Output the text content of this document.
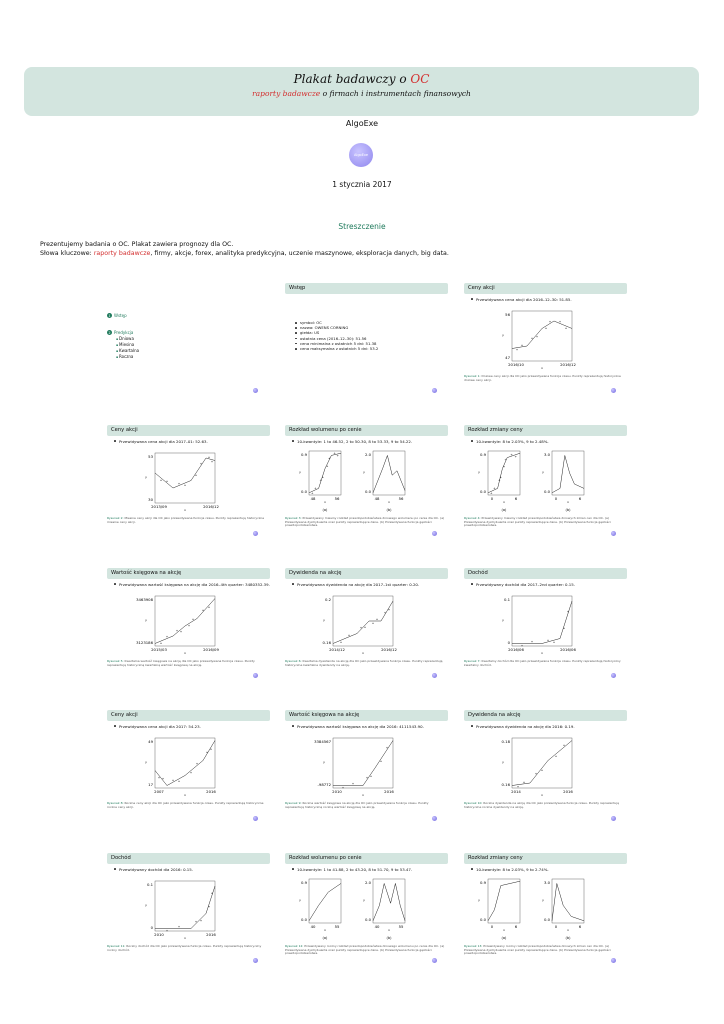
Plakat badawczy o OC
raporty badawcze o firmach i instrumentach finansowych
AlgoExe
AlgoExe
1 stycznia 2017
Streszczenie
Prezentujemy badania o OC. Plakat zawiera prognozy dla OC.
Słowa kluczowe: raporty badawcze, firmy, akcje, forex, analityka predykcyjna, uczenie maszynowe, eksploracja danych, big data.
1 Wstęp
2 Predykcja
▪ Dniowa
▪ Miesina
▪ Kwartalna
▪ Roczna
Wstęp
symbol: OC
nazwa: OWENS CORNING
giełda: US
ostatnia cena (2016–12–30): 51.56
cena minimalna z ostatnich 5 dni: 51.38
cena maksymalna z ostatnich 5 dni: 53.2
Ceny akcji
Przewidywana cena akcji dla 2016–12–30: 51.85.
+
+
+ +
+
+ +
+
56
47
2016/10	2016/12
x
y
Rysunek 1: Dniowe ceny akcji dla OC jako przewidywana funkcja czasu. Punkty reprezentują historyczne dniowe ceny akcji.
Ceny akcji
Przewidywana cena akcji dla 2017–01: 52.63.
+ +
+ +
+
+
+
+
53
30
2013/09	2016/12
x
y
Rysunek 2: Miesine ceny akcji dla OC jako przewidywana funkcja czasu. Punkty reprezentują historyczne miesine ceny akcji.
Rozkład wolumenu po cenie
10-kwantyle: 1 to 46.52, 2 to 50.30, 8 to 53.33, 9 to 54.22.
+
+
+
+
+
+
+
+
0.9
0.0
48	56
x
y
2.0
0.0
48	56
x
y
(a)	(b)
Rysunek 3: Przewidywany miesiny rozkład prawdopodobieństwa dniowego wolumenu po cenie dla OC. (a) Przewidywana dystrybuanta oraz punkty reprezentujące dane. (b) Przewidywana funkcja gęstości prawdopodobieństwa.
Rozkład zmiany ceny
10-kwantyle: 8 to 2.03%, 9 to 2.48%.
+
+
+
+
+
+
+
+
0.9
0.0
0	6
x
y
3.0
0.0
0	6
x
y
(a)	(b)
Rysunek 4: Przewidywany miesiny rozkład prawdopodobieństwa dniowych zmian cen dla OC. (a) Przewidywana dystrybuanta oraz punkty reprezentujące dane. (b) Przewidywana funkcja gęstości prawdopodobieństwa.
Wartość księgowa na akcję
Przewidywana wartość księgowa na akcję dla 2016–4th quarter: 3480352.39.
+
+
+ +
+
+
+
+
3463908
3123186
2015/03	2016/09
x
y
Rysunek 5: Kwartalna wartość księgowa na akcję dla OC jako przewidywana funkcja czasu. Punkty reprezentują historyczną kwartalną wartość księgową na akcję.
Dywidenda na akcję
Przewidywana dywidenda na akcję dla 2017–1st quarter: 0.20.
+
+
+ +
+
+
+
+
0.2
0.16
2014/12	2016/12
x
y
Rysunek 6: Kwartalna dywidenda na akcję dla OC jako przewidywana funkcja czasu. Punkty reprezentują historyczne kwartalne dywidendy na akcję.
Dochód
Przewidywany dochód dla 2017–2nd quarter: 0.15.
+
+	+
+
+
+
0.1
0
2016/06	2016/06
x
y
Rysunek 7: Kwartalny dochód dla OC jako przewidywana funkcja czasu. Punkty reprezentują historyczny kwartalny dochód.
Ceny akcji
Przewidywana cena akcji dla 2017: 54.23.
+ + + +
+
+
+
+
49
17
2007	2016
x
y
Rysunek 8: Roczne ceny akcji dla OC jako przewidywana funkcja czasu. Punkty reprezentują historyczne roczne ceny akcji.
Wartość księgowa na akcję
Przewidywana wartość księgowa na akcję dla 2016: 4111543.90.
+
+
+ +
+
+
3384567
-98772
2010	2016
x
y
Rysunek 9: Roczna wartość księgowa na akcję dla OC jako przewidywana funkcja czasu. Punkty reprezentują historyczną roczną wartość księgową na akcję.
Dywidenda na akcję
Przewidywana dywidenda na akcję dla 2016: 0.19.
+
+
+
+
+
+
0.18
0.16
2014	2016
x
y
Rysunek 10: Roczna dywidenda na akcję dla OC jako przewidywana funkcja czasu. Punkty reprezentują historyczne roczne dywidendy na akcję.
Dochód
Przewidywany dochód dla 2016: 0.15.
+
+
+ +
+
+
0.1
0
2010	2016
x
y
Rysunek 11: Roczny dochód dla OC jako przewidywana funkcja czasu. Punkty reprezentują historyczny roczny dochód.
Rozkład wolumenu po cenie
10-kwantyle: 1 to 41.88, 2 to 43.20, 8 to 51.70, 9 to 53.47.
0.9
0.0
40	55
x
y
2.0
0.0
40	55
x
y
(a)	(b)
Rysunek 12: Przewidywany roczny rozkład prawdopodobieństwa dniowego wolumenu po cenie dla OC. (a) Przewidywana dystrybuanta oraz punkty reprezentujące dane. (b) Przewidywana funkcja gęstości prawdopodobieństwa.
Rozkład zmiany ceny
10-kwantyle: 8 to 2.03%, 9 to 2.74%.
0.9
0.0
0	6
x
y
3.0
0.0
0	6
x
y
(a)	(b)
Rysunek 13: Przewidywany roczny rozkład prawdopodobieństwa dniowych zmian cen dla OC. (a) Przewidywana dystrybuanta oraz punkty reprezentujące dane. (b) Przewidywana funkcja gęstości prawdopodobieństwa.
